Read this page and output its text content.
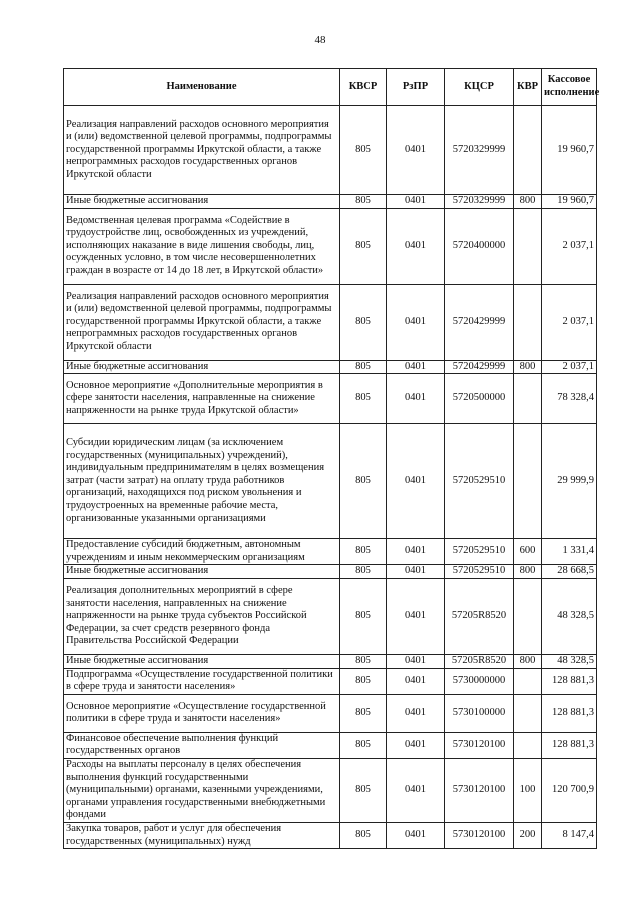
48
Наименование	КВСР	РзПР	КЦСР	КВР	Кассовое исполнение
Реализация направлений расходов основного мероприятия и (или) ведомственной целевой программы, подпрограммы государственной программы Иркутской области, а также непрограммных расходов государственных органов Иркутской области	805	0401	5720329999		19 960,7
Иные бюджетные ассигнования	805	0401	5720329999	800	19 960,7
Ведомственная целевая программа «Содействие в трудоустройстве лиц, освобожденных из учреждений, исполняющих наказание в виде лишения свободы, лиц, осужденных условно, в том числе несовершеннолетних граждан в возрасте от 14 до 18 лет, в Иркутской области»	805	0401	5720400000		2 037,1
Реализация направлений расходов основного мероприятия и (или) ведомственной целевой программы, подпрограммы государственной программы Иркутской области, а также непрограммных расходов государственных органов Иркутской области	805	0401	5720429999		2 037,1
Иные бюджетные ассигнования	805	0401	5720429999	800	2 037,1
Основное мероприятие «Дополнительные мероприятия в сфере занятости населения, направленные на снижение напряженности на рынке труда Иркутской области»	805	0401	5720500000		78 328,4
Субсидии юридическим лицам (за исключением государственных (муниципальных) учреждений), индивидуальным предпринимателям в целях возмещения затрат (части затрат) на оплату труда работников организаций, находящихся под риском увольнения и трудоустроенных на временные рабочие места, организованные указанными организациями	805	0401	5720529510		29 999,9
Предоставление субсидий бюджетным, автономным учреждениям и иным некоммерческим организациям	805	0401	5720529510	600	1 331,4
Иные бюджетные ассигнования	805	0401	5720529510	800	28 668,5
Реализация дополнительных мероприятий в сфере занятости населения, направленных на снижение напряженности на рынке труда субъектов Российской Федерации, за счет средств резервного фонда Правительства Российской Федерации	805	0401	57205R8520		48 328,5
Иные бюджетные ассигнования	805	0401	57205R8520	800	48 328,5
Подпрограмма «Осуществление государственной политики в сфере труда и занятости населения»	805	0401	5730000000		128 881,3
Основное мероприятие «Осуществление государственной политики в сфере труда и занятости населения»	805	0401	5730100000		128 881,3
Финансовое обеспечение выполнения функций государственных органов	805	0401	5730120100		128 881,3
Расходы на выплаты персоналу в целях обеспечения выполнения функций государственными (муниципальными) органами, казенными учреждениями, органами управления государственными внебюджетными фондами	805	0401	5730120100	100	120 700,9
Закупка товаров, работ и услуг для обеспечения государственных (муниципальных) нужд	805	0401	5730120100	200	8 147,4
